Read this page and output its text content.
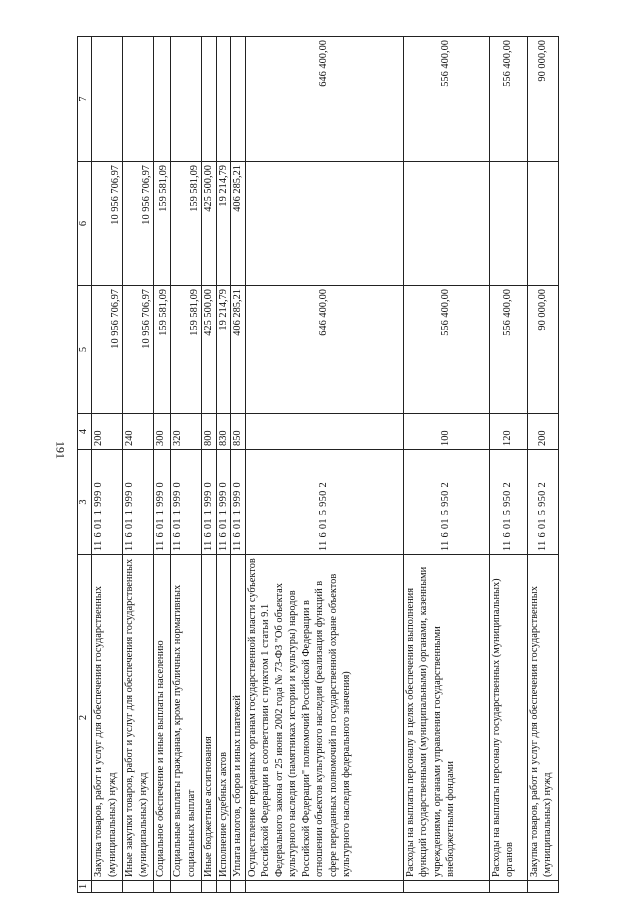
191
1	2	3	4	5	6	7
	Закупка товаров, работ и услуг для обеспечения государственных (муниципальных) нужд	11 6 01 1 999 0	200	10 956 706,97	10 956 706,97	
	Иные закупки товаров, работ и услуг для обеспечения государственных (муниципальных) нужд	11 6 01 1 999 0	240	10 956 706,97	10 956 706,97	
	Социальное обеспечение и иные выплаты населению	11 6 01 1 999 0	300	159 581,09	159 581,09	
	Социальные выплаты гражданам, кроме публичных нормативных социальных выплат	11 6 01 1 999 0	320	159 581,09	159 581,09	
	Иные бюджетные ассигнования	11 6 01 1 999 0	800	425 500,00	425 500,00	
	Исполнение судебных актов	11 6 01 1 999 0	830	19 214,79	19 214,79	
	Уплата налогов, сборов и иных платежей	11 6 01 1 999 0	850	406 285,21	406 285,21	
	Осуществление переданных органам государственной власти субъектов Российской Федерации в соответствии с пунктом 1 статьи 9.1 Федерального закона от 25 июня 2002 года № 73-ФЗ "Об объектах культурного наследия (памятниках истории и культуры) народов Российской Федерации" полномочий Российской Федерации в отношении объектов культурного наследия (реализация функций в сфере переданных полномочий по государственной охране объектов культурного наследия федерального значения)	11 6 01 5 950 2		646 400,00		646 400,00
	Расходы на выплаты персоналу в целях обеспечения выполнения функций государственными (муниципальными) органами, казенными учреждениями, органами управления государственными внебюджетными фондами	11 6 01 5 950 2	100	556 400,00		556 400,00
	Расходы на выплаты персоналу государственных (муниципальных) органов	11 6 01 5 950 2	120	556 400,00		556 400,00
	Закупка товаров, работ и услуг для обеспечения государственных (муниципальных) нужд	11 6 01 5 950 2	200	90 000,00		90 000,00
